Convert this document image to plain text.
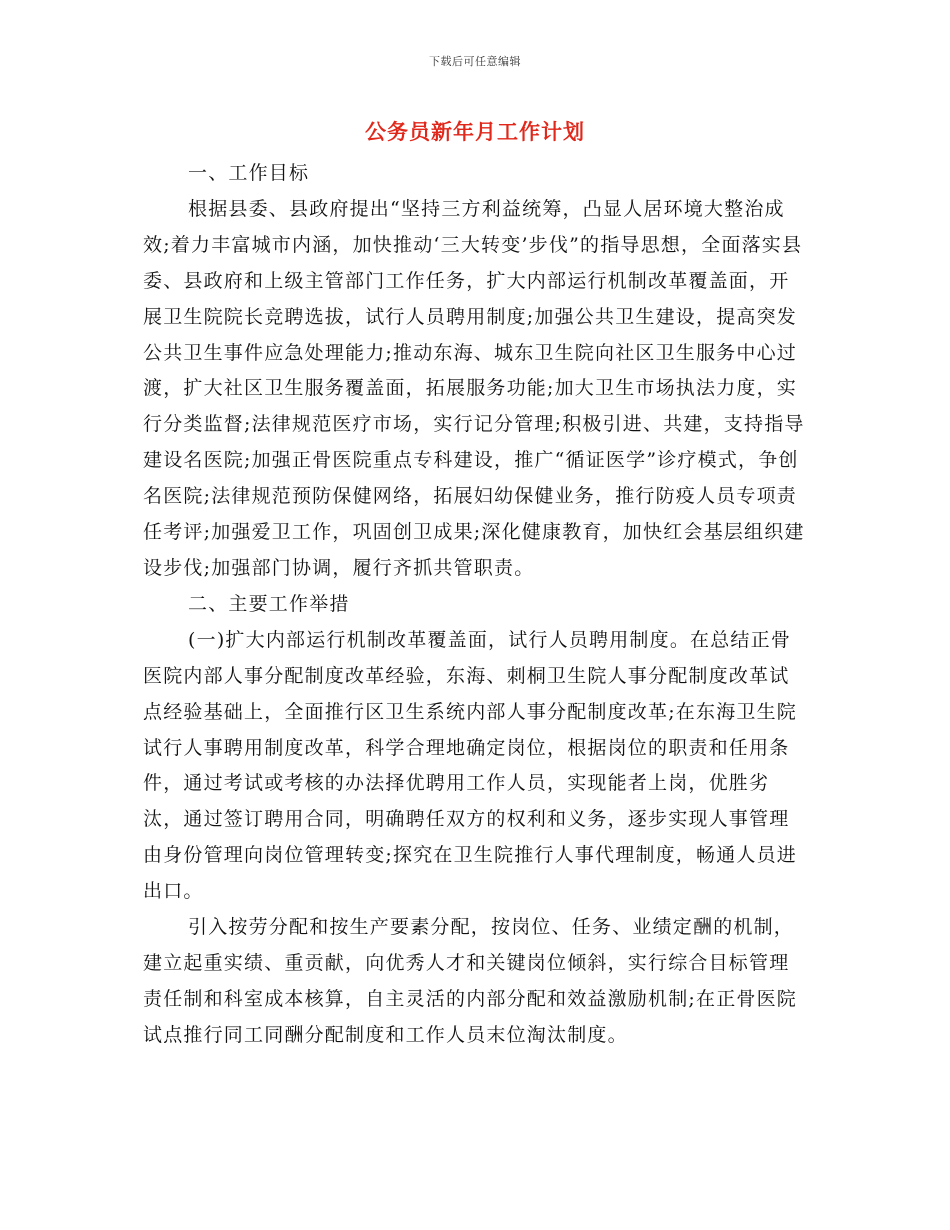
下载后可任意编辑
公务员新年月工作计划

一、工作目标

根据县委、县政府提出“坚持三方利益统筹，凸显人居环境大整治成效;着力丰富城市内涵，加快推动‘三大转变’步伐”的指导思想，全面落实县委、县政府和上级主管部门工作任务，扩大内部运行机制改革覆盖面，开展卫生院院长竞聘选拔，试行人员聘用制度;加强公共卫生建设，提高突发公共卫生事件应急处理能力;推动东海、城东卫生院向社区卫生服务中心过渡，扩大社区卫生服务覆盖面，拓展服务功能;加大卫生市场执法力度，实行分类监督;法律规范医疗市场，实行记分管理;积极引进、共建，支持指导建设名医院;加强正骨医院重点专科建设，推广“循证医学”诊疗模式，争创名医院;法律规范预防保健网络，拓展妇幼保健业务，推行防疫人员专项责任考评;加强爱卫工作，巩固创卫成果;深化健康教育，加快红会基层组织建设步伐;加强部门协调，履行齐抓共管职责。

二、主要工作举措

(一)扩大内部运行机制改革覆盖面，试行人员聘用制度。在总结正骨医院内部人事分配制度改革经验，东海、刺桐卫生院人事分配制度改革试点经验基础上，全面推行区卫生系统内部人事分配制度改革;在东海卫生院试行人事聘用制度改革，科学合理地确定岗位，根据岗位的职责和任用条件，通过考试或考核的办法择优聘用工作人员，实现能者上岗，优胜劣汰，通过签订聘用合同，明确聘任双方的权利和义务，逐步实现人事管理由身份管理向岗位管理转变;探究在卫生院推行人事代理制度，畅通人员进出口。

引入按劳分配和按生产要素分配，按岗位、任务、业绩定酬的机制，建立起重实绩、重贡献，向优秀人才和关键岗位倾斜，实行综合目标管理责任制和科室成本核算，自主灵活的内部分配和效益激励机制;在正骨医院试点推行同工同酬分配制度和工作人员末位淘汰制度。
